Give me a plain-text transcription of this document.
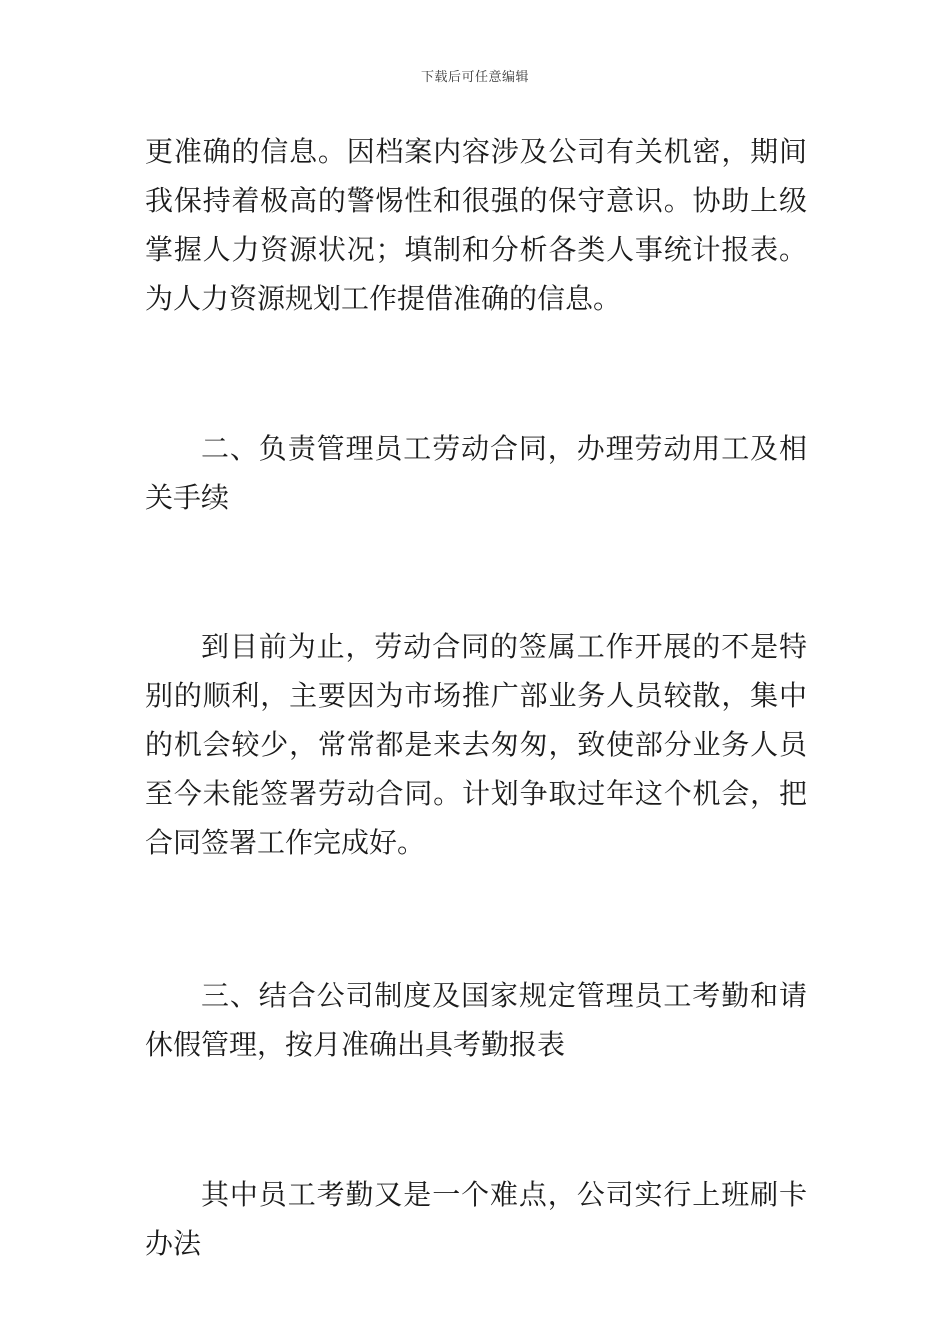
下载后可任意编辑

更准确的信息。因档案内容涉及公司有关机密，期间我保持着极高的警惕性和很强的保守意识。协助上级掌握人力资源状况；填制和分析各类人事统计报表。为人力资源规划工作提借准确的信息。

二、负责管理员工劳动合同，办理劳动用工及相关手续

到目前为止，劳动合同的签属工作开展的不是特别的顺利，主要因为市场推广部业务人员较散，集中的机会较少，常常都是来去匆匆，致使部分业务人员至今未能签署劳动合同。计划争取过年这个机会，把合同签署工作完成好。

三、结合公司制度及国家规定管理员工考勤和请休假管理，按月准确出具考勤报表

其中员工考勤又是一个难点，公司实行上班刷卡办法
